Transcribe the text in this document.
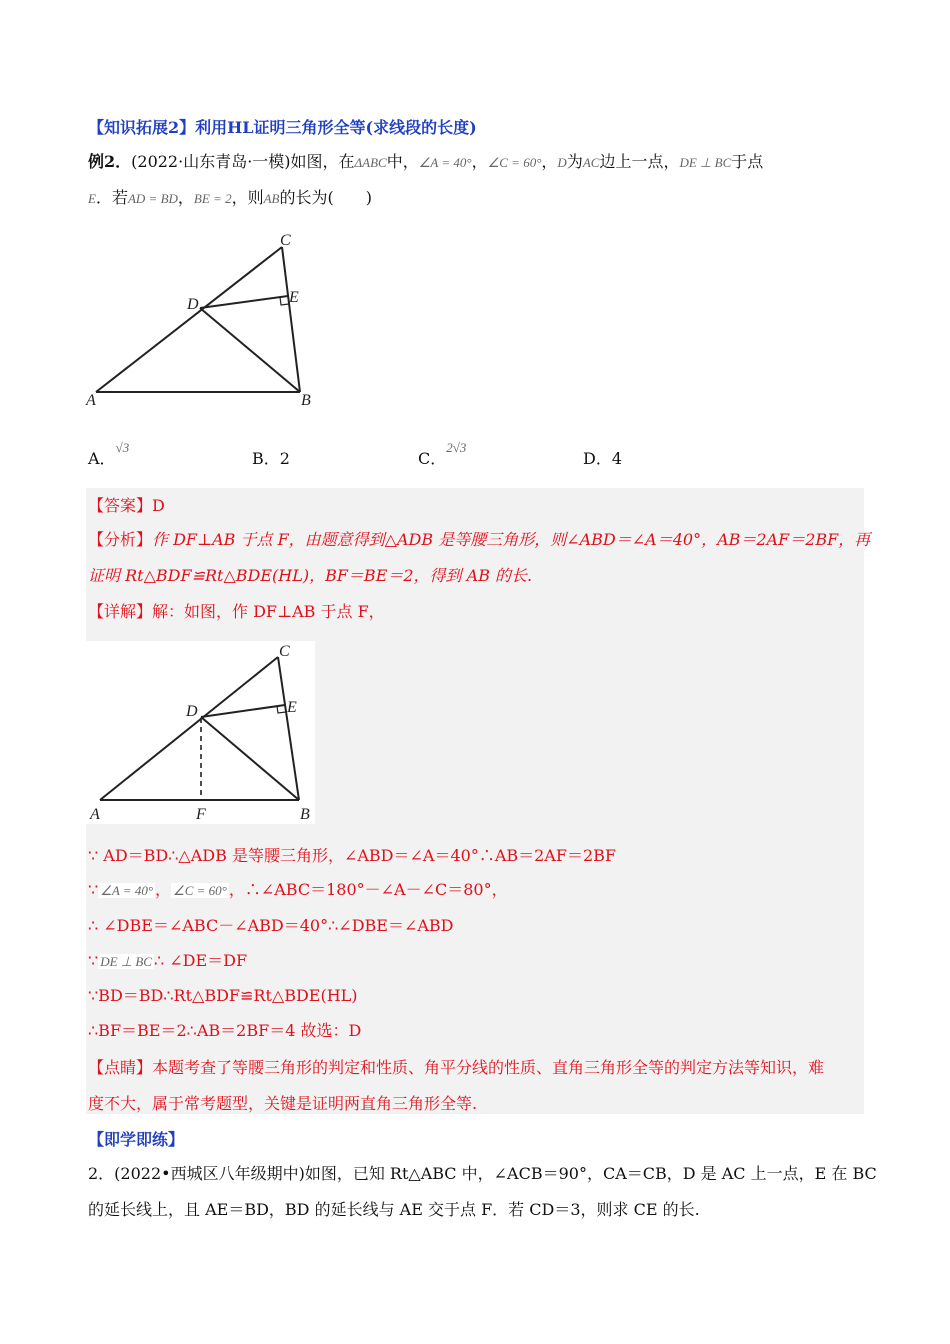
【知识拓展2】利用HL证明三角形全等(求线段的长度)
例2．(2022·山东青岛·一模)如图，在ΔABC中，∠A = 40°，∠C = 60°，D为AC边上一点，DE ⊥ BC于点
E．若AD = BD，BE = 2，则AB的长为(　　)
A	B
C
D	E
A．$^{√3}$
B．2	C．$^{2√3}$
D．4
【答案】D
【分析】作 DF⊥AB 于点 F，由题意得到△ADB 是等腰三角形，则∠ABD＝∠A＝40°，AB＝2AF＝2BF，再
证明 Rt△BDF≌Rt△BDE(HL)，BF＝BE＝2，得到 AB 的长.
【详解】解：如图，作 DF⊥AB 于点 F，
A	F	B
C
D	E
∵ AD＝BD∴△ADB 是等腰三角形，∠ABD＝∠A＝40°∴AB＝2AF＝2BF
∵ ∠A = 40° ， ∠C = 60° ，∴∠ABC＝180°－∠A－∠C＝80°，
∴ ∠DBE＝∠ABC－∠ABD＝40°∴∠DBE＝∠ABD
∵ DE ⊥ BC ∴ ∠DE＝DF
∵BD＝BD∴Rt△BDF≌Rt△BDE(HL)
∴BF＝BE＝2∴AB＝2BF＝4 故选：D
【点睛】本题考查了等腰三角形的判定和性质、角平分线的性质、直角三角形全等的判定方法等知识，难
度不大，属于常考题型，关键是证明两直角三角形全等.
【即学即练】
2．(2022•西城区八年级期中)如图，已知 Rt△ABC 中，∠ACB＝90°，CA＝CB，D 是 AC 上一点，E 在 BC
的延长线上，且 AE＝BD，BD 的延长线与 AE 交于点 F．若 CD＝3，则求 CE 的长.
